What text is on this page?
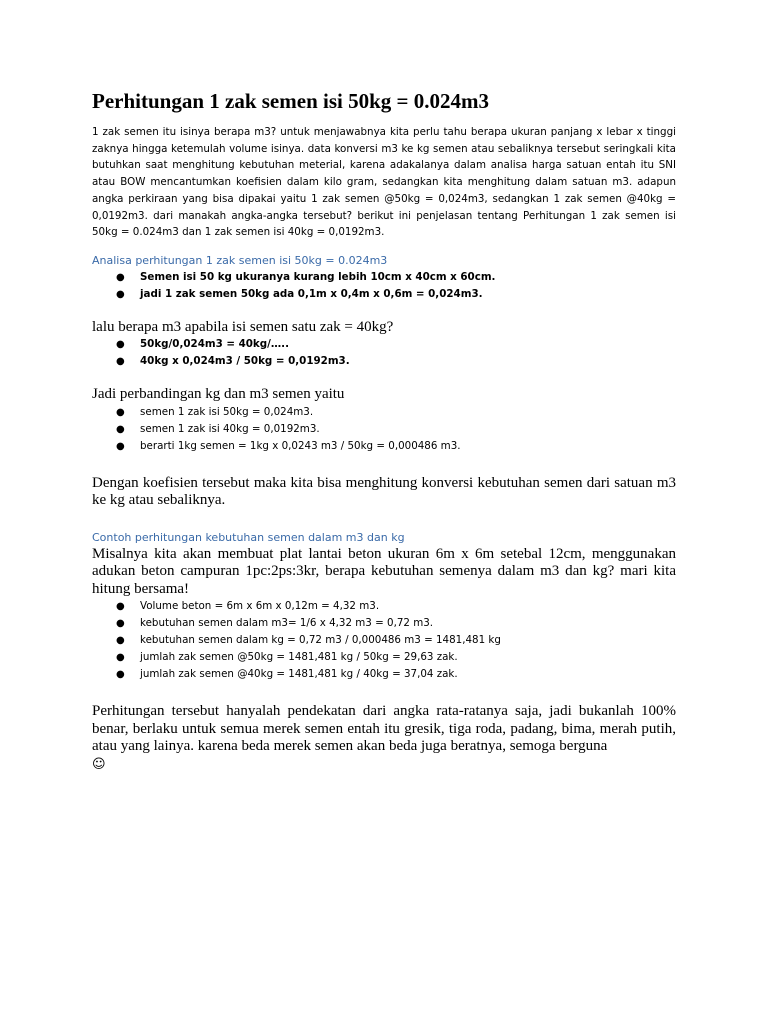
Perhitungan 1 zak semen isi 50kg = 0.024m3

1 zak semen itu isinya berapa m3? untuk menjawabnya kita perlu tahu berapa ukuran panjang x lebar x tinggi zaknya hingga ketemulah volume isinya. data konversi m3 ke kg semen atau sebaliknya tersebut seringkali kita butuhkan saat menghitung kebutuhan meterial, karena adakalanya dalam analisa harga satuan entah itu SNI atau BOW mencantumkan koefisien dalam kilo gram, sedangkan kita menghitung dalam satuan m3. adapun angka perkiraan yang bisa dipakai yaitu 1 zak semen @50kg = 0,024m3, sedangkan 1 zak semen @40kg = 0,0192m3. dari manakah angka-angka tersebut? berikut ini penjelasan tentang Perhitungan 1 zak semen isi 50kg = 0.024m3 dan 1 zak semen isi 40kg = 0,0192m3.

Analisa perhitungan 1 zak semen isi 50kg = 0.024m3

● Semen isi 50 kg ukuranya kurang lebih 10cm x 40cm x 60cm.
● jadi 1 zak semen 50kg ada 0,1m x 0,4m x 0,6m = 0,024m3.

lalu berapa m3 apabila isi semen satu zak = 40kg?

● 50kg/0,024m3 = 40kg/…..
● 40kg x 0,024m3 / 50kg = 0,0192m3.

Jadi perbandingan kg dan m3 semen yaitu

● semen 1 zak isi 50kg = 0,024m3.
● semen 1 zak isi 40kg = 0,0192m3.
● berarti 1kg semen = 1kg x 0,0243 m3 / 50kg = 0,000486 m3.

Dengan koefisien tersebut maka kita bisa menghitung konversi kebutuhan semen dari satuan m3 ke kg atau sebaliknya.

Contoh perhitungan kebutuhan semen dalam m3 dan kg

Misalnya kita akan membuat plat lantai beton ukuran 6m x 6m setebal 12cm, menggunakan adukan beton campuran 1pc:2ps:3kr, berapa kebutuhan semenya dalam m3 dan kg? mari kita hitung bersama!

● Volume beton = 6m x 6m x 0,12m = 4,32 m3.
● kebutuhan semen dalam m3= 1/6 x 4,32 m3 = 0,72 m3.
● kebutuhan semen dalam kg = 0,72 m3 / 0,000486 m3 = 1481,481 kg
● jumlah zak semen @50kg = 1481,481 kg / 50kg = 29,63 zak.
● jumlah zak semen @40kg = 1481,481 kg / 40kg = 37,04 zak.

Perhitungan tersebut hanyalah pendekatan dari angka rata-ratanya saja, jadi bukanlah 100% benar, berlaku untuk semua merek semen entah itu gresik, tiga roda, padang, bima, merah putih, atau yang lainya. karena beda merek semen akan beda juga beratnya, semoga berguna
☺
